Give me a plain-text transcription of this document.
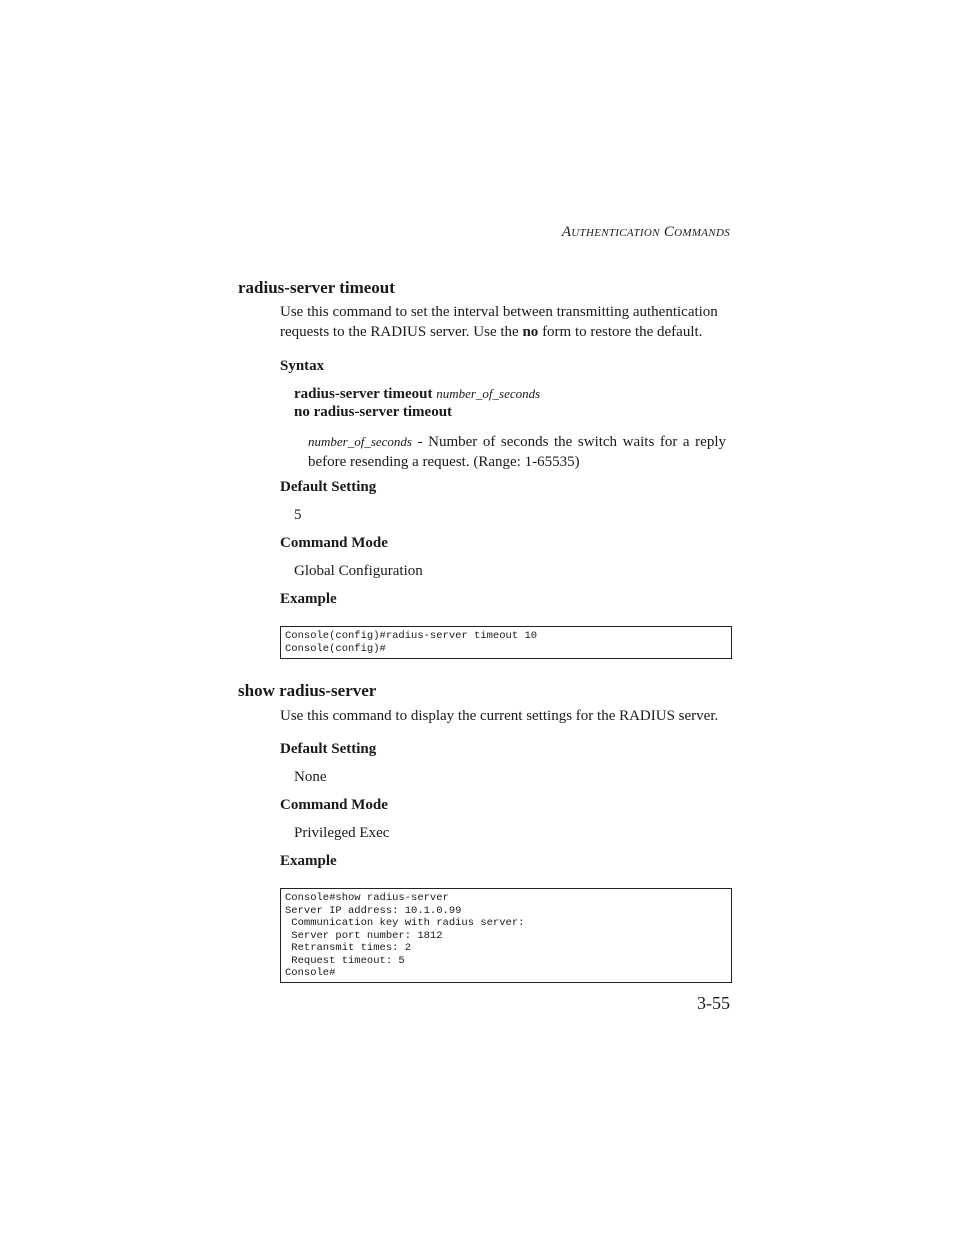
AUTHENTICATION COMMANDS
radius-server timeout
Use this command to set the interval between transmitting authentication requests to the RADIUS server. Use the no form to restore the default.
Syntax
radius-server timeout number_of_seconds
no radius-server timeout
number_of_seconds - Number of seconds the switch waits for a reply before resending a request. (Range: 1-65535)
Default Setting
5
Command Mode
Global Configuration
Example
Console(config)#radius-server timeout 10
Console(config)#
show radius-server
Use this command to display the current settings for the RADIUS server.
Default Setting
None
Command Mode
Privileged Exec
Example
Console#show radius-server
Server IP address: 10.1.0.99
Communication key with radius server:
Server port number: 1812
Retransmit times: 2
Request timeout: 5
Console#
3-55
